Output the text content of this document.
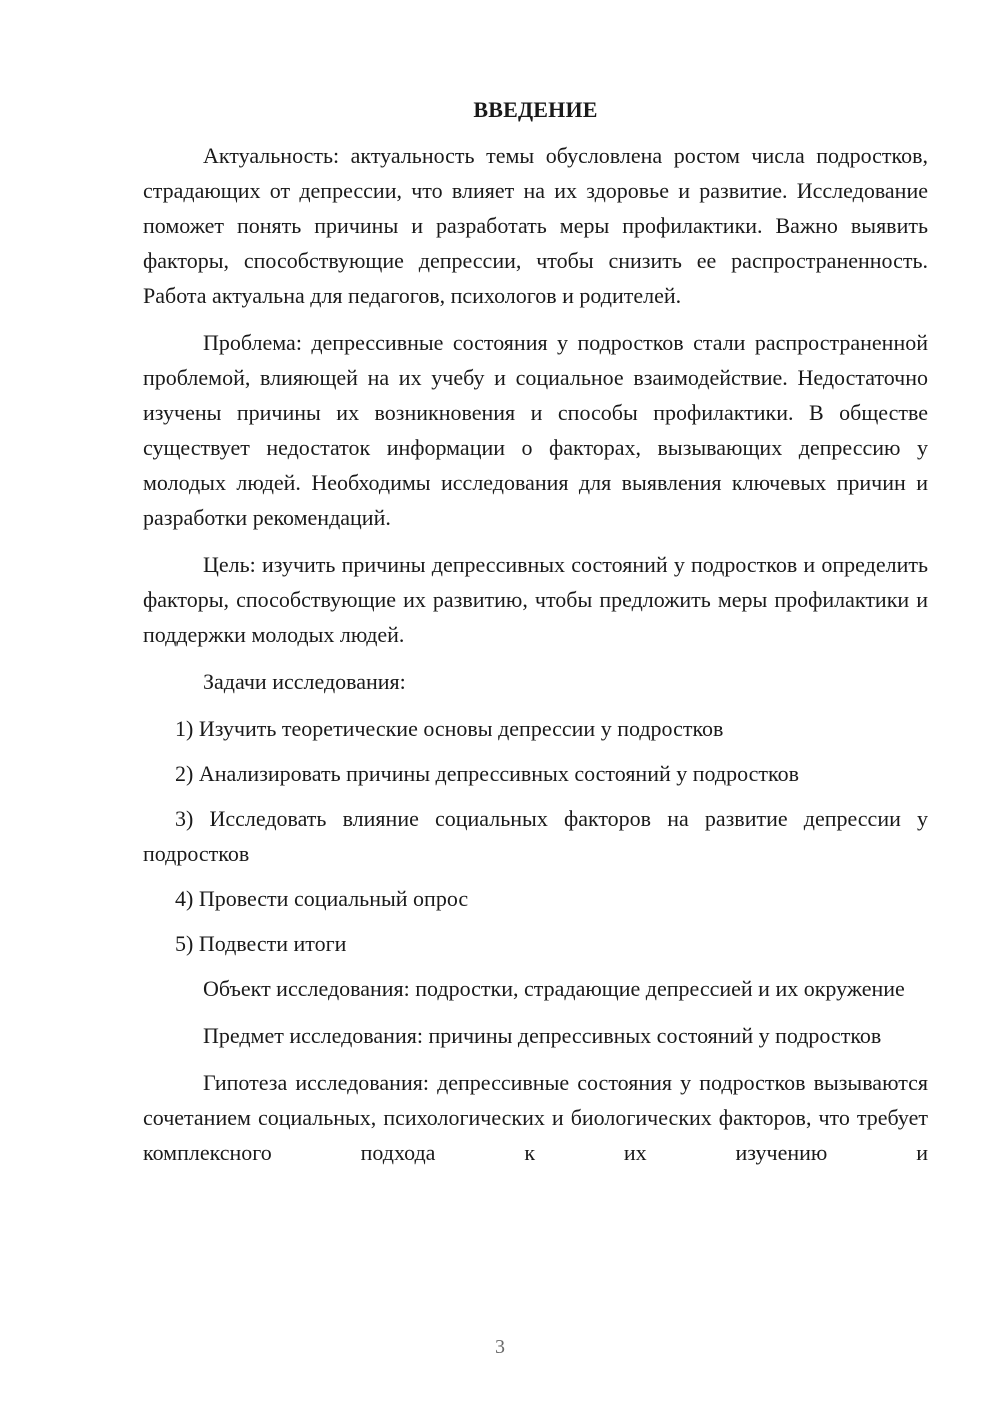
ВВЕДЕНИЕ

Актуальность: актуальность темы обусловлена ростом числа подростков, страдающих от депрессии, что влияет на их здоровье и развитие. Исследование поможет понять причины и разработать меры профилактики. Важно выявить факторы, способствующие депрессии, чтобы снизить ее распространенность. Работа актуальна для педагогов, психологов и родителей.

Проблема: депрессивные состояния у подростков стали распространенной проблемой, влияющей на их учебу и социальное взаимодействие. Недостаточно изучены причины их возникновения и способы профилактики. В обществе существует недостаток информации о факторах, вызывающих депрессию у молодых людей. Необходимы исследования для выявления ключевых причин и разработки рекомендаций.

Цель: изучить причины депрессивных состояний у подростков и определить факторы, способствующие их развитию, чтобы предложить меры профилактики и поддержки молодых людей.

Задачи исследования:

1) Изучить теоретические основы депрессии у подростков

2) Анализировать причины депрессивных состояний у подростков

3) Исследовать влияние социальных факторов на развитие депрессии у подростков

4) Провести социальный опрос

5) Подвести итоги

Объект исследования: подростки, страдающие депрессией и их окружение

Предмет исследования: причины депрессивных состояний у подростков

Гипотеза исследования: депрессивные состояния у подростков вызываются сочетанием социальных, психологических и биологических факторов, что требует комплексного подхода к их изучению и

3
